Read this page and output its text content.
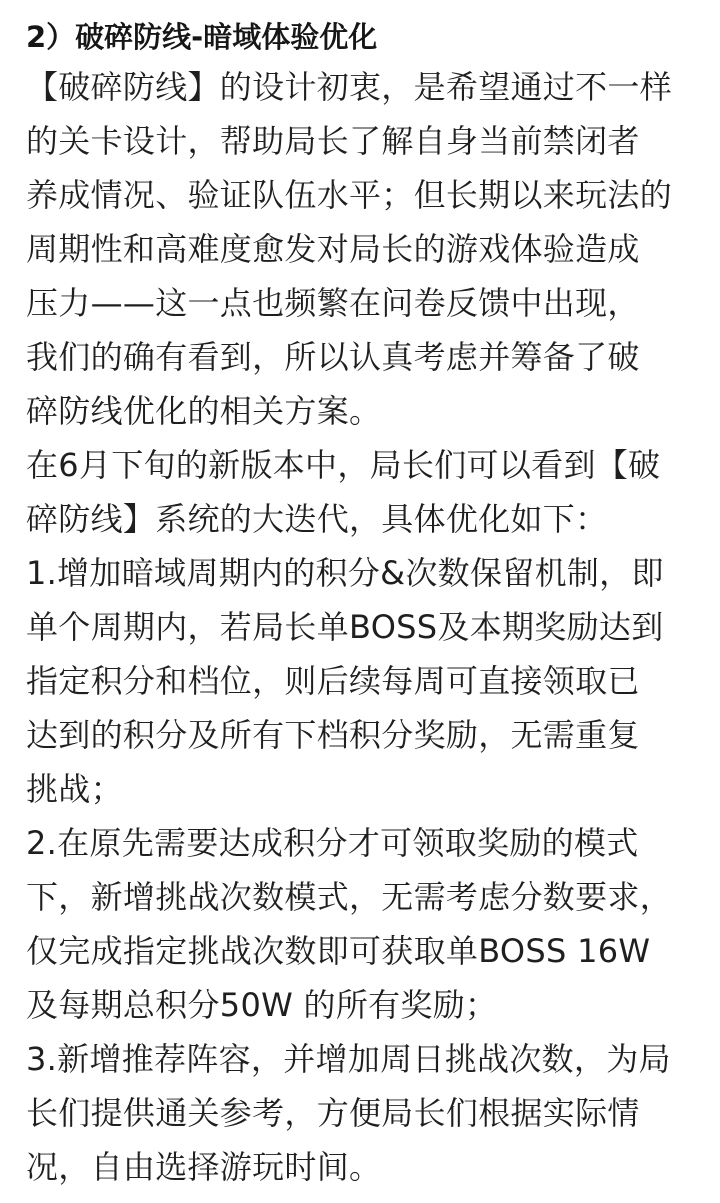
2）破碎防线-暗域体验优化
【破碎防线】的设计初衷，是希望通过不一样
的关卡设计，帮助局长了解自身当前禁闭者
养成情况、验证队伍水平；但长期以来玩法的
周期性和高难度愈发对局长的游戏体验造成
压力——这一点也频繁在问卷反馈中出现，
我们的确有看到，所以认真考虑并筹备了破
碎防线优化的相关方案。
在6月下旬的新版本中，局长们可以看到【破
碎防线】系统的大迭代，具体优化如下：
1.增加暗域周期内的积分&次数保留机制，即
单个周期内，若局长单BOSS及本期奖励达到
指定积分和档位，则后续每周可直接领取已
达到的积分及所有下档积分奖励，无需重复
挑战；
2.在原先需要达成积分才可领取奖励的模式
下，新增挑战次数模式，无需考虑分数要求，
仅完成指定挑战次数即可获取单BOSS 16W
及每期总积分50W 的所有奖励；
3.新增推荐阵容，并增加周日挑战次数，为局
长们提供通关参考，方便局长们根据实际情
况，自由选择游玩时间。
